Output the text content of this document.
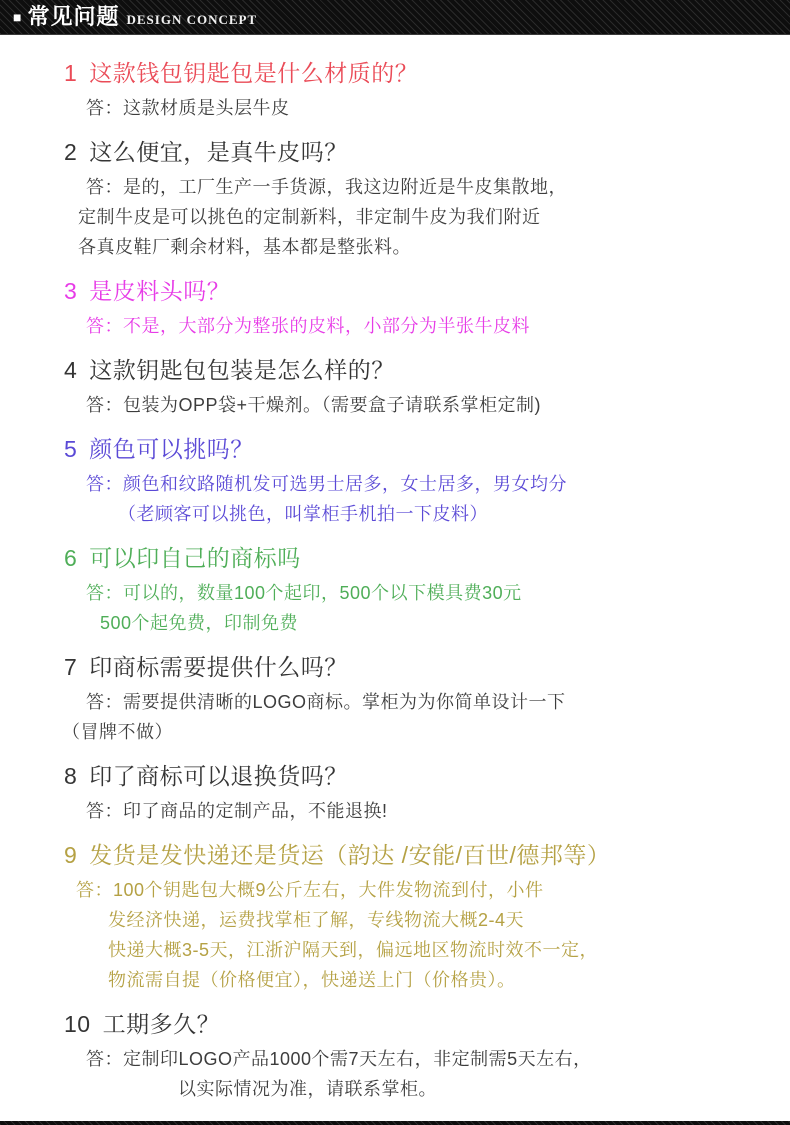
■ 常见问题 DESIGN CONCEPT
1 这款钱包钥匙包是什么材质的？

答：这款材质是头层牛皮

2 这么便宜，是真牛皮吗？

答：是的，工厂生产一手货源，我这边附近是牛皮集散地，

定制牛皮是可以挑色的定制新料，非定制牛皮为我们附近

各真皮鞋厂剩余材料，基本都是整张料。

3 是皮料头吗？

答：不是，大部分为整张的皮料，小部分为半张牛皮料

4 这款钥匙包包装是怎么样的？

答：包装为OPP袋+干燥剂。（需要盒子请联系掌柜定制)

5 颜色可以挑吗？

答：颜色和纹路随机发可选男士居多，女士居多，男女均分

（老顾客可以挑色，叫掌柜手机拍一下皮料）

6 可以印自己的商标吗

答：可以的，数量100个起印，500个以下模具费30元

500个起免费，印制免费

7 印商标需要提供什么吗？

答：需要提供清晰的LOGO商标。掌柜为为你简单设计一下

（冒牌不做）

8 印了商标可以退换货吗？

答：印了商品的定制产品，不能退换!

9 发货是发快递还是货运（韵达 /安能/百世/德邦等）

答：100个钥匙包大概9公斤左右，大件发物流到付，小件

发经济快递，运费找掌柜了解，专线物流大概2-4天

快递大概3-5天，江浙沪隔天到，偏远地区物流时效不一定，

物流需自提（价格便宜），快递送上门（价格贵）。

10 工期多久？

答：定制印LOGO产品1000个需7天左右，非定制需5天左右，

以实际情况为准，请联系掌柜。
